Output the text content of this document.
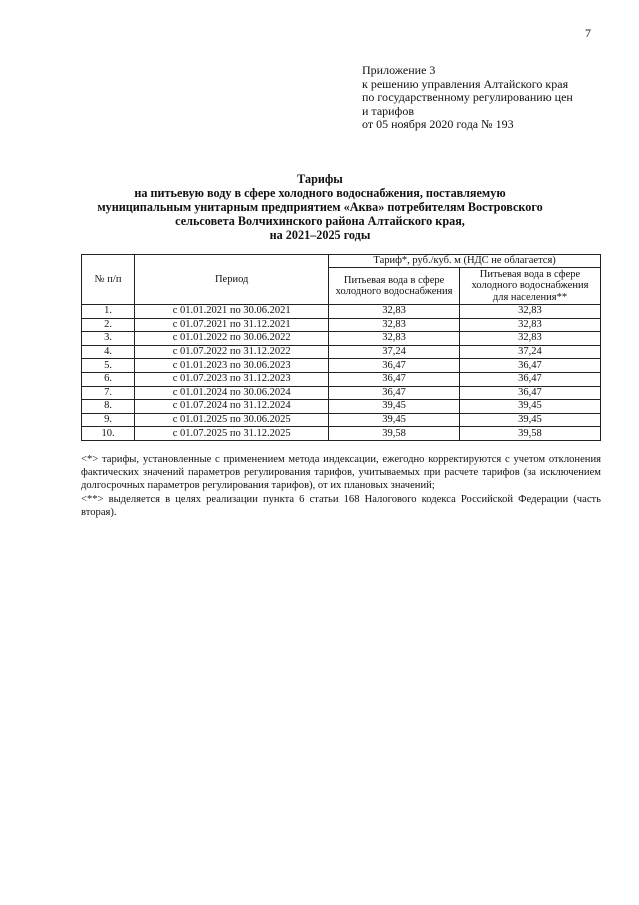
7
Приложение 3
к решению управления Алтайского края
по государственному регулированию цен
и тарифов
от 05 ноября 2020 года № 193
Тарифы
на питьевую воду в сфере холодного водоснабжения, поставляемую
муниципальным унитарным предприятием «Аква» потребителям Востровского
сельсовета Волчихинского района Алтайского края,
на 2021–2025 годы
№ п/п	Период	Тариф*, руб./куб. м (НДС не облагается)	
		Питьевая вода в сфере холодного водоснабжения	Питьевая вода в сфере холодного водоснабжения для населения**
1.	с 01.01.2021 по 30.06.2021	32,83	32,83
2.	с 01.07.2021 по 31.12.2021	32,83	32,83
3.	с 01.01.2022 по 30.06.2022	32,83	32,83
4.	с 01.07.2022 по 31.12.2022	37,24	37,24
5.	с 01.01.2023 по 30.06.2023	36,47	36,47
6.	с 01.07.2023 по 31.12.2023	36,47	36,47
7.	с 01.01.2024 по 30.06.2024	36,47	36,47
8.	с 01.07.2024 по 31.12.2024	39,45	39,45
9.	с 01.01.2025 по 30.06.2025	39,45	39,45
10.	с 01.07.2025 по 31.12.2025	39,58	39,58

<*> тарифы, установленные с применением метода индексации, ежегодно корректируются с учетом отклонения фактических значений параметров регулирования тарифов, учитываемых при расчете тарифов (за исключением долгосрочных параметров регулирования тарифов), от их плановых значений;

<**> выделяется в целях реализации пункта 6 статьи 168 Налогового кодекса Российской Федерации (часть вторая).
